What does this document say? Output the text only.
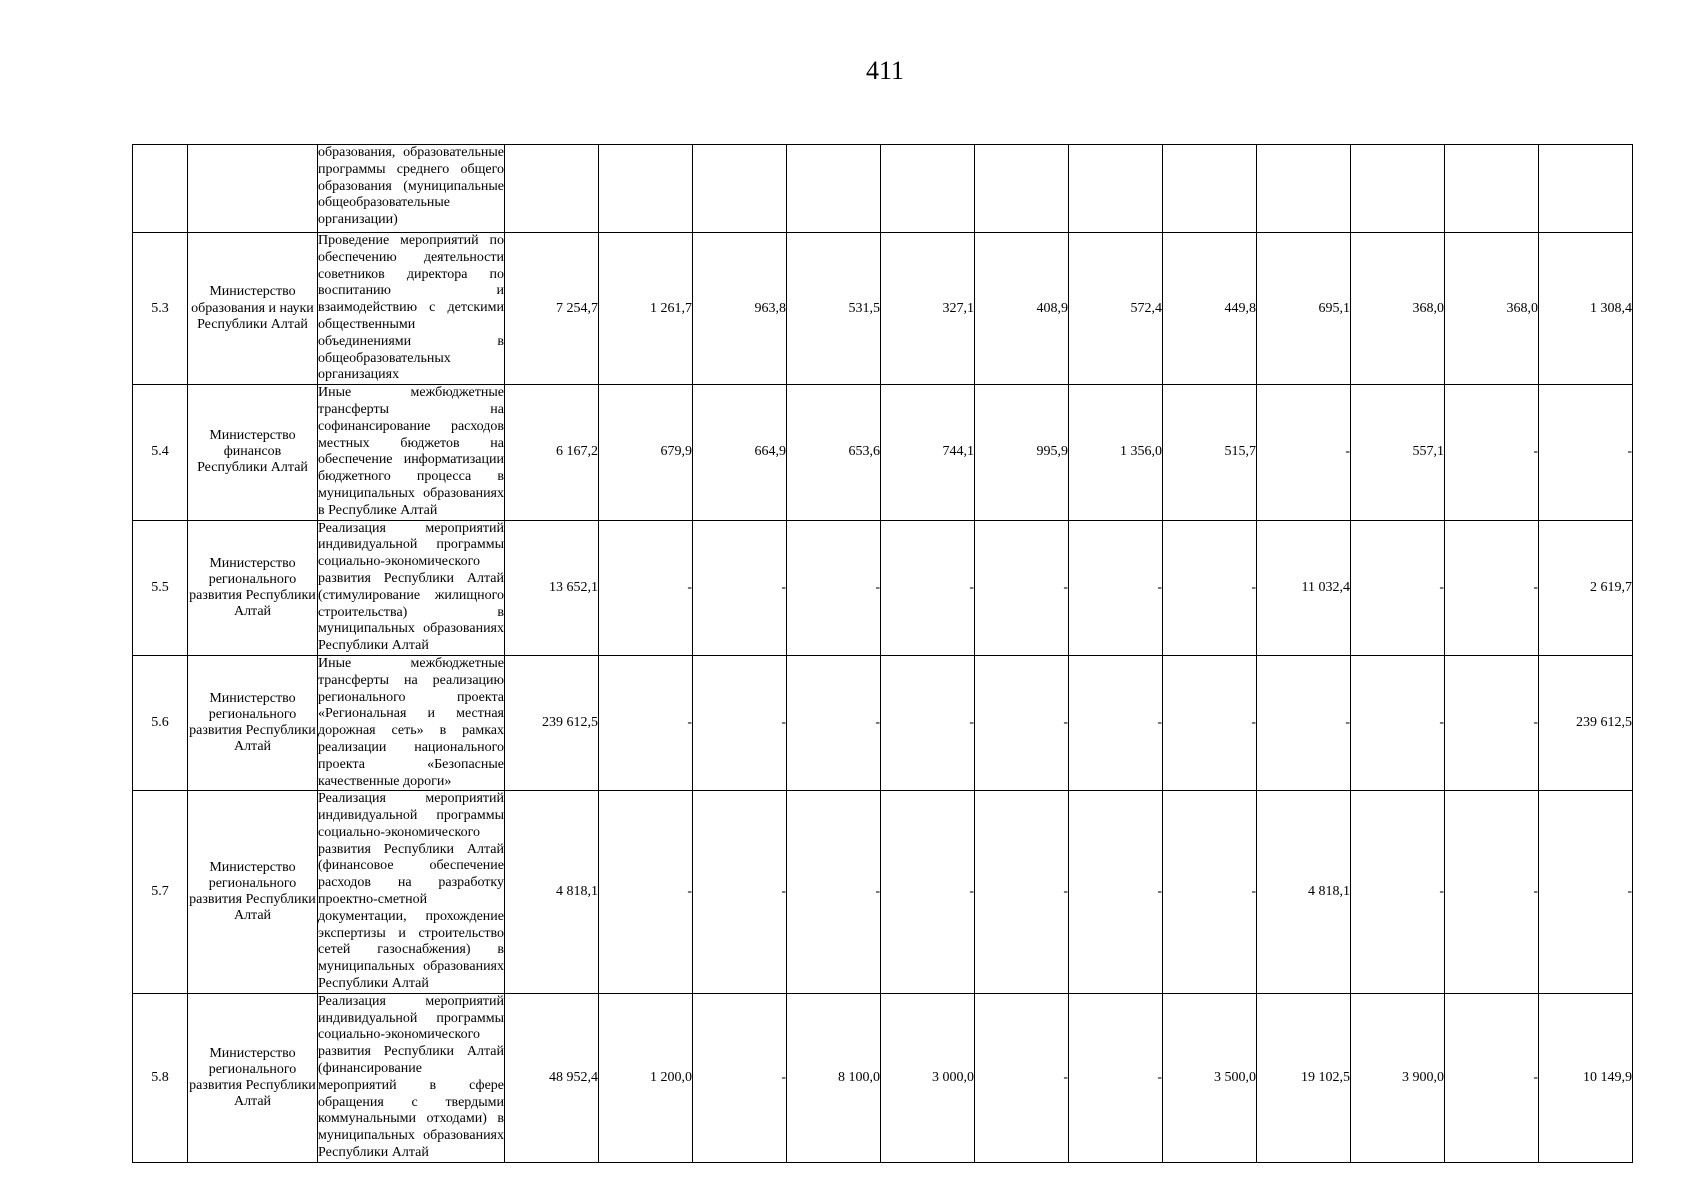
411
		образования, образовательные программы среднего общего образования (муниципальные общеобразовательные организации)												
5.3	Министерство образования и науки Республики Алтай	Проведение мероприятий по обеспечению деятельности советников директора по воспитанию и взаимодействию с детскими общественными объединениями в общеобразовательных организациях	7 254,7	1 261,7	963,8	531,5	327,1	408,9	572,4	449,8	695,1	368,0	368,0	1 308,4
5.4	Министерство финансов Республики Алтай	Иные межбюджетные трансферты на софинансирование расходов местных бюджетов на обеспечение информатизации бюджетного процесса в муниципальных образованиях в Республике Алтай	6 167,2	679,9	664,9	653,6	744,1	995,9	1 356,0	515,7	-	557,1	-	-
5.5	Министерство регионального развития Республики Алтай	Реализация мероприятий индивидуальной программы социально-экономического развития Республики Алтай (стимулирование жилищного строительства) в муниципальных образованиях Республики Алтай	13 652,1	-	-	-	-	-	-	-	11 032,4	-	-	2 619,7
5.6	Министерство регионального развития Республики Алтай	Иные межбюджетные трансферты на реализацию регионального проекта «Региональная и местная дорожная сеть» в рамках реализации национального проекта «Безопасные качественные дороги»	239 612,5	-	-	-	-	-	-	-	-	-	-	239 612,5
5.7	Министерство регионального развития Республики Алтай	Реализация мероприятий индивидуальной программы социально-экономического развития Республики Алтай (финансовое обеспечение расходов на разработку проектно-сметной документации, прохождение экспертизы и строительство сетей газоснабжения) в муниципальных образованиях Республики Алтай	4 818,1	-	-	-	-	-	-	-	4 818,1	-	-	-
5.8	Министерство регионального развития Республики Алтай	Реализация мероприятий индивидуальной программы социально-экономического развития Республики Алтай (финансирование мероприятий в сфере обращения с твердыми коммунальными отходами) в муниципальных образованиях Республики Алтай	48 952,4	1 200,0	-	8 100,0	3 000,0	-	-	3 500,0	19 102,5	3 900,0	-	10 149,9
